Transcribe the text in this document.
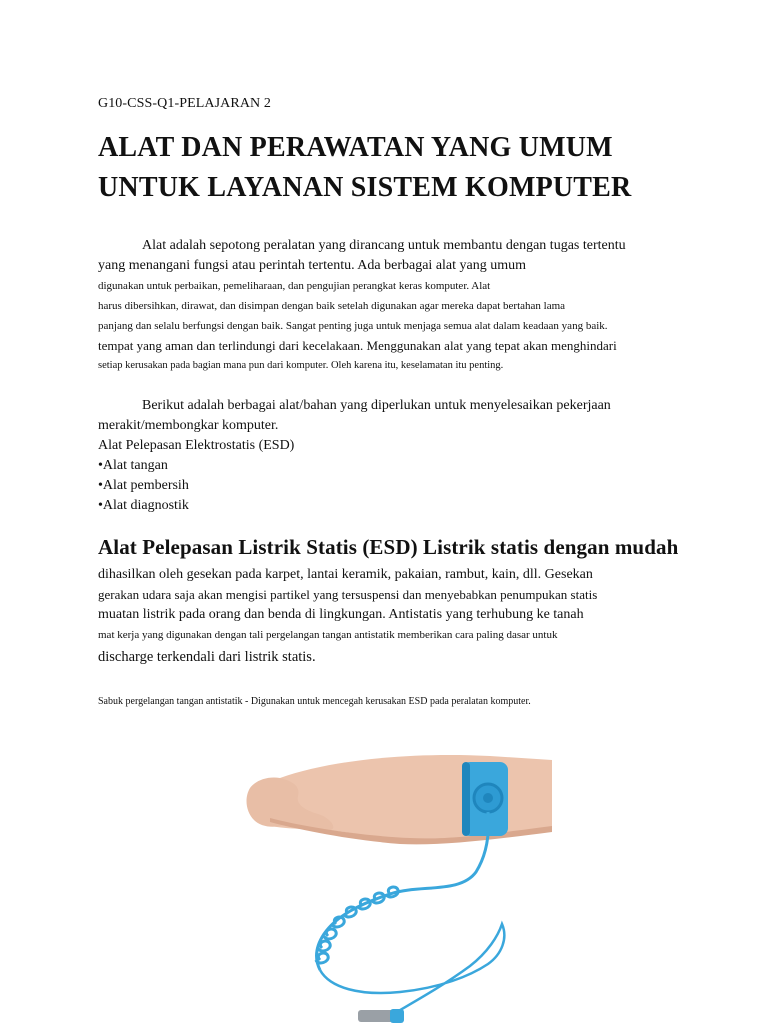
G10-CSS-Q1-PELAJARAN 2
ALAT DAN PERAWATAN YANG UMUM
UNTUK LAYANAN SISTEM KOMPUTER
Alat adalah sepotong peralatan yang dirancang untuk membantu dengan tugas tertentu
yang menangani fungsi atau perintah tertentu. Ada berbagai alat yang umum
digunakan untuk perbaikan, pemeliharaan, dan pengujian perangkat keras komputer. Alat
harus dibersihkan, dirawat, dan disimpan dengan baik setelah digunakan agar mereka dapat bertahan lama
panjang dan selalu berfungsi dengan baik. Sangat penting juga untuk menjaga semua alat dalam keadaan yang baik.
tempat yang aman dan terlindungi dari kecelakaan. Menggunakan alat yang tepat akan menghindari
setiap kerusakan pada bagian mana pun dari komputer. Oleh karena itu, keselamatan itu penting.
Berikut adalah berbagai alat/bahan yang diperlukan untuk menyelesaikan pekerjaan
merakit/membongkar komputer.
Alat Pelepasan Elektrostatis (ESD)
•Alat tangan
•Alat pembersih
•Alat diagnostik
Alat Pelepasan Listrik Statis (ESD) Listrik statis dengan mudah
dihasilkan oleh gesekan pada karpet, lantai keramik, pakaian, rambut, kain, dll. Gesekan
gerakan udara saja akan mengisi partikel yang tersuspensi dan menyebabkan penumpukan statis
muatan listrik pada orang dan benda di lingkungan. Antistatis yang terhubung ke tanah
mat kerja yang digunakan dengan tali pergelangan tangan antistatik memberikan cara paling dasar untuk
discharge terkendali dari listrik statis.
Sabuk pergelangan tangan antistatik - Digunakan untuk mencegah kerusakan ESD pada peralatan komputer.
